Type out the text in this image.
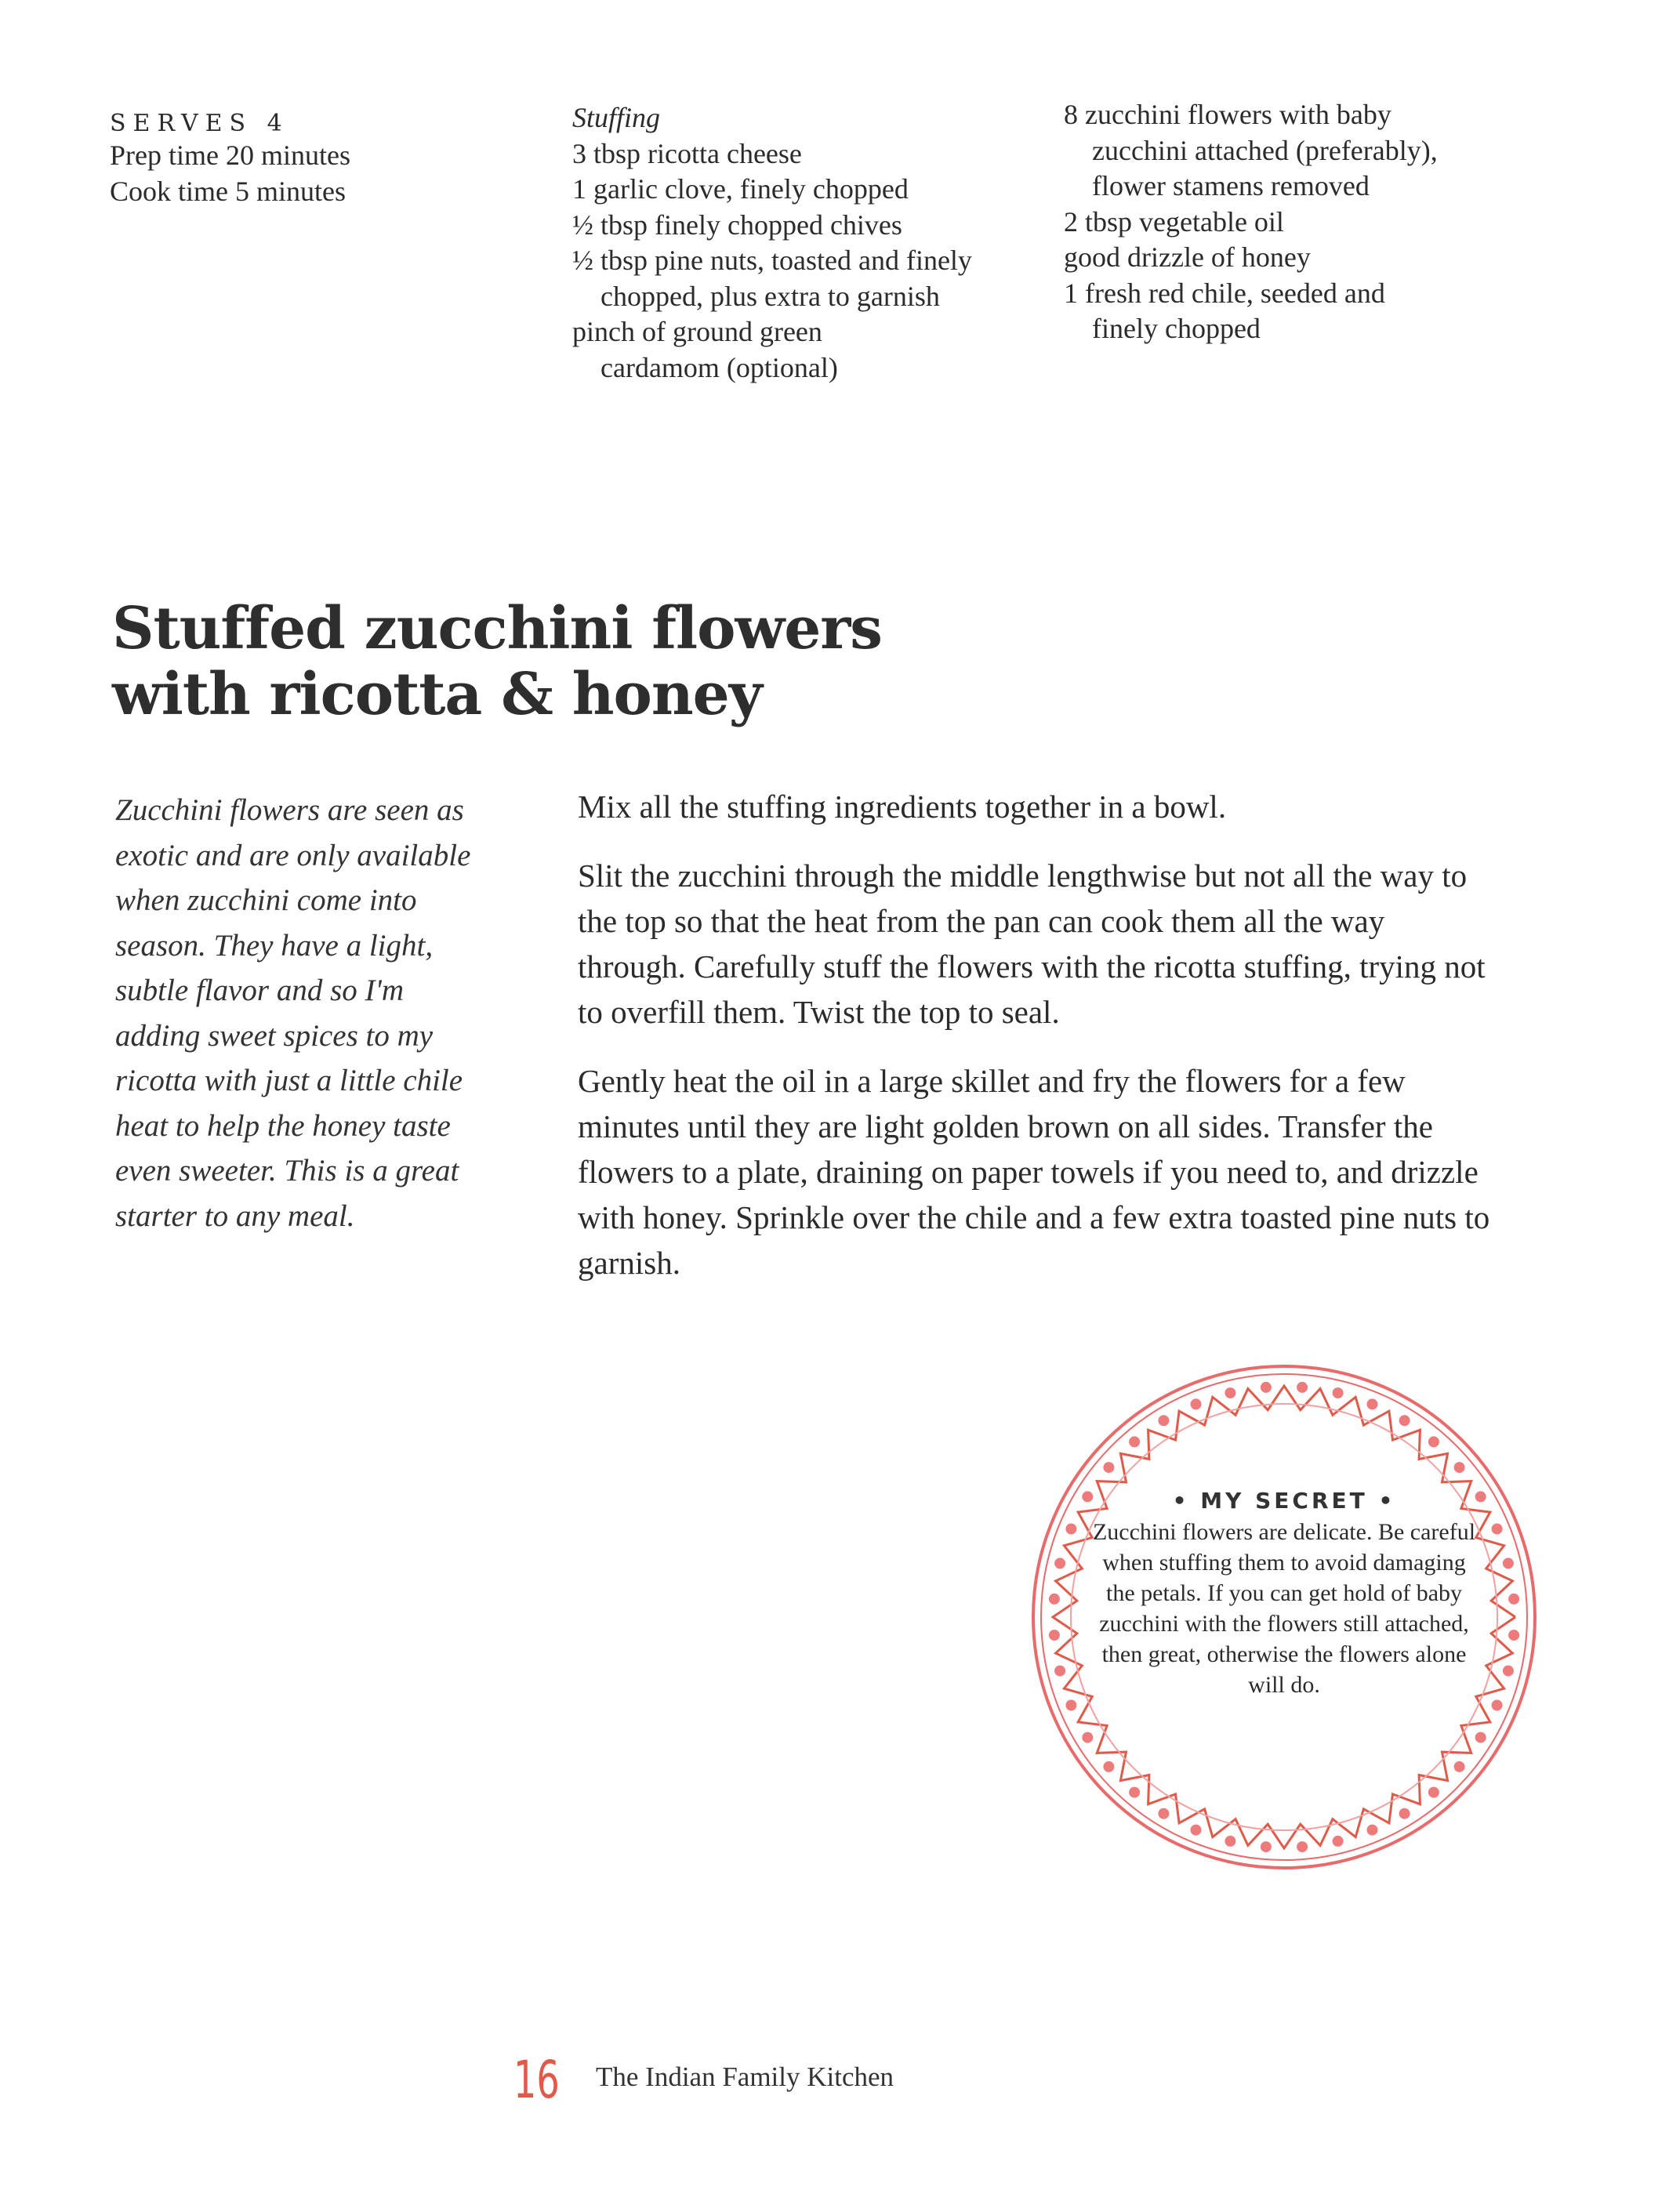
SERVES 4
Prep time 20 minutes
Cook time 5 minutes
Stuffing
3 tbsp ricotta cheese
1 garlic clove, finely chopped
½ tbsp finely chopped chives
½ tbsp pine nuts, toasted and finely chopped, plus extra to garnish
pinch of ground green cardamom (optional)
8 zucchini flowers with baby zucchini attached (preferably), flower stamens removed
2 tbsp vegetable oil
good drizzle of honey
1 fresh red chile, seeded and finely chopped
Stuffed zucchini flowers
with ricotta & honey
Zucchini flowers are seen as exotic and are only available when zucchini come into season. They have a light, subtle flavor and so I'm adding sweet spices to my ricotta with just a little chile heat to help the honey taste even sweeter. This is a great starter to any meal.

Mix all the stuffing ingredients together in a bowl.

Slit the zucchini through the middle lengthwise but not all the way to the top so that the heat from the pan can cook them all the way through. Carefully stuff the flowers with the ricotta stuffing, trying not to overfill them. Twist the top to seal.

Gently heat the oil in a large skillet and fry the flowers for a few minutes until they are light golden brown on all sides. Transfer the flowers to a plate, draining on paper towels if you need to, and drizzle with honey. Sprinkle over the chile and a few extra toasted pine nuts to garnish.

• MY SECRET •
Zucchini flowers are delicate. Be careful when stuffing them to avoid damaging the petals. If you can get hold of baby zucchini with the flowers still attached, then great, otherwise the flowers alone will do.
16 The Indian Family Kitchen
